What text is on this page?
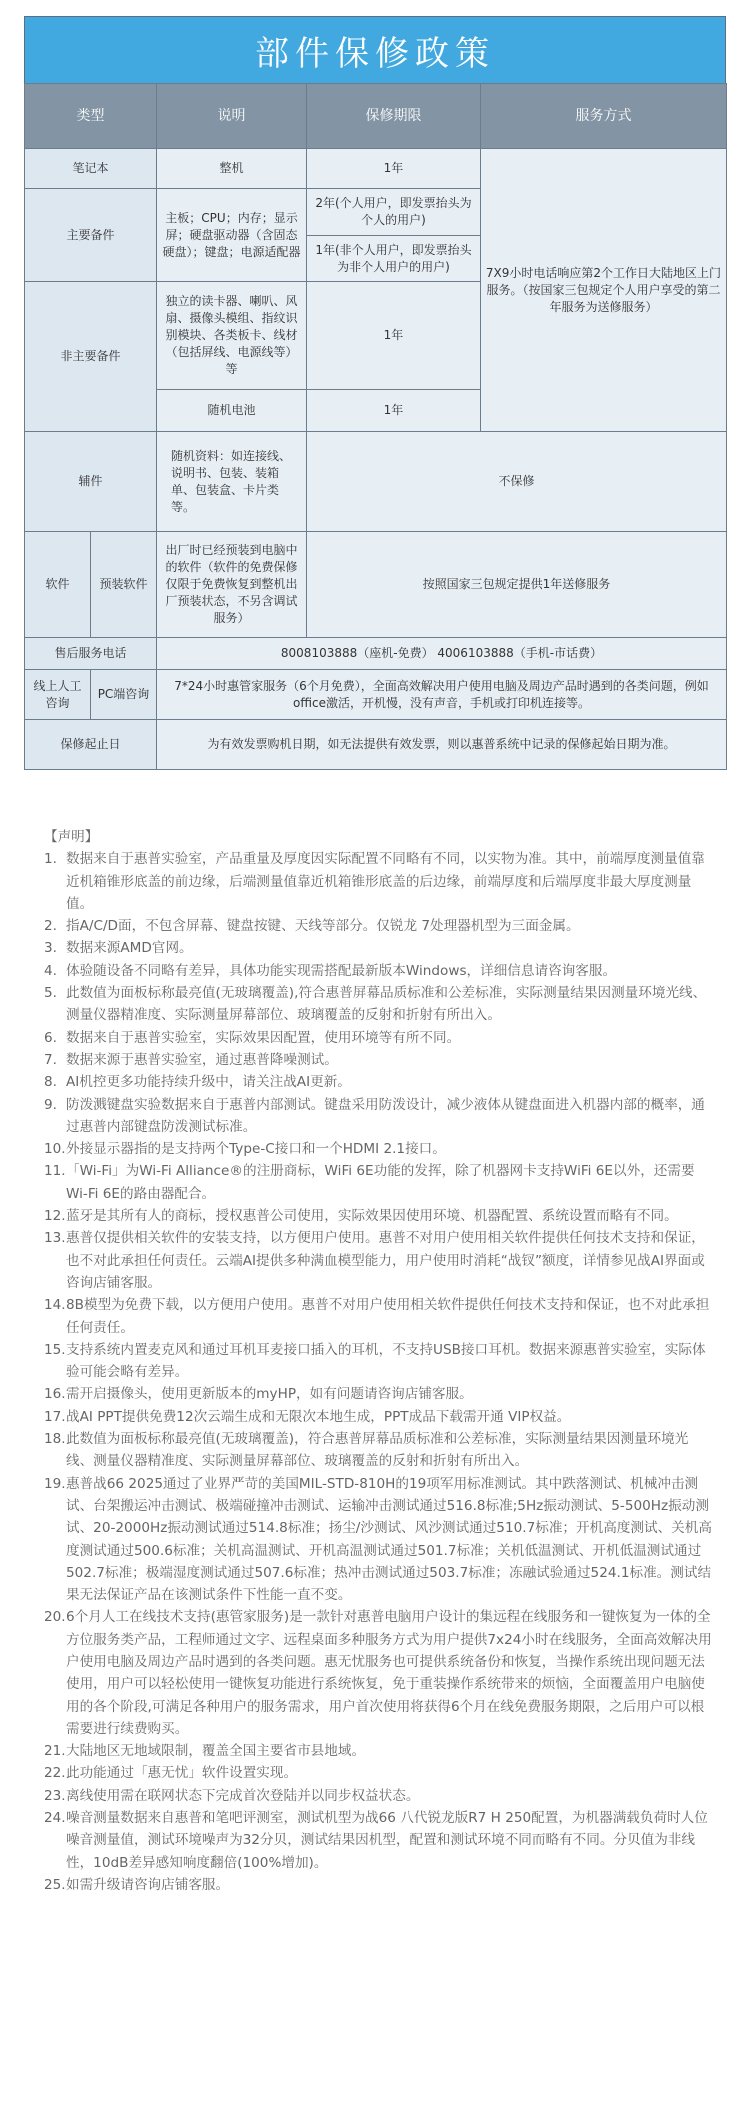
部件保修政策
类型		说明	保修期限	服务方式
笔记本		整机	1年	7X9小时电话响应第2个工作日大陆地区上门服务。（按国家三包规定个人用户享受的第二年服务为送修服务）
主要备件		主板；CPU；内存；显示屏；硬盘驱动器（含固态硬盘）；键盘；电源适配器	2年(个人用户，即发票抬头为个人的用户)	
			1年(非个人用户，即发票抬头为非个人用户的用户)	
非主要备件		独立的读卡器、喇叭、风扇、摄像头模组、指纹识别模块、各类板卡、线材（包括屏线、电源线等）等	1年	
		随机电池	1年	
辅件		随机资料：如连接线、说明书、包装、装箱单、包装盒、卡片类等。	不保修	
软件	预装软件	出厂时已经预装到电脑中的软件（软件的免费保修仅限于免费恢复到整机出厂预装状态，不另含调试服务）	按照国家三包规定提供1年送修服务	
售后服务电话		8008103888（座机-免费） 4006103888（手机-市话费）		
线上人工咨询	PC端咨询	7*24小时惠管家服务（6个月免费），全面高效解决用户使用电脑及周边产品时遇到的各类问题，例如office激活，开机慢，没有声音，手机或打印机连接等。		
保修起止日		为有效发票购机日期，如无法提供有效发票，则以惠普系统中记录的保修起始日期为准。		
【声明】
1. 数据来自于惠普实验室，产品重量及厚度因实际配置不同略有不同，以实物为准。其中，前端厚度测量值靠近机箱锥形底盖的前边缘，后端测量值靠近机箱锥形底盖的后边缘，前端厚度和后端厚度非最大厚度测量值。
2. 指A/C/D面，不包含屏幕、键盘按键、天线等部分。仅锐龙 7处理器机型为三面金属。
3. 数据来源AMD官网。
4. 体验随设备不同略有差异，具体功能实现需搭配最新版本Windows，详细信息请咨询客服。
5. 此数值为面板标称最亮值(无玻璃覆盖),符合惠普屏幕品质标准和公差标准，实际测量结果因测量环境光线、测量仪器精准度、实际测量屏幕部位、玻璃覆盖的反射和折射有所出入。
6. 数据来自于惠普实验室，实际效果因配置，使用环境等有所不同。
7. 数据来源于惠普实验室，通过惠普降噪测试。
8. AI机控更多功能持续升级中，请关注战AI更新。
9. 防泼溅键盘实验数据来自于惠普内部测试。键盘采用防泼设计，减少液体从键盘面进入机器内部的概率，通过惠普内部键盘防泼测试标准。
10. 外接显示器指的是支持两个Type-C接口和一个HDMI 2.1接口。
11. 「Wi-Fi」为Wi-Fi Alliance®的注册商标，WiFi 6E功能的发挥，除了机器网卡支持WiFi 6E以外，还需要Wi-Fi 6E的路由器配合。
12. 蓝牙是其所有人的商标，授权惠普公司使用，实际效果因使用环境、机器配置、系统设置而略有不同。
13. 惠普仅提供相关软件的安装支持，以方便用户使用。惠普不对用户使用相关软件提供任何技术支持和保证，也不对此承担任何责任。云端AI提供多种满血模型能力，用户使用时消耗“战钗”额度，详情参见战AI界面或咨询店铺客服。
14. 8B模型为免费下载，以方便用户使用。惠普不对用户使用相关软件提供任何技术支持和保证，也不对此承担任何责任。
15. 支持系统内置麦克风和通过耳机耳麦接口插入的耳机，不支持USB接口耳机。数据来源惠普实验室，实际体验可能会略有差异。
16. 需开启摄像头，使用更新版本的myHP，如有问题请咨询店铺客服。
17. 战AI PPT提供免费12次云端生成和无限次本地生成，PPT成品下载需开通 VIP权益。
18. 此数值为面板标称最亮值(无玻璃覆盖)，符合惠普屏幕品质标准和公差标准，实际测量结果因测量环境光线、测量仪器精准度、实际测量屏幕部位、玻璃覆盖的反射和折射有所出入。
19. 惠普战66 2025通过了业界严苛的美国MIL-STD-810H的19项军用标准测试。其中跌落测试、机械冲击测试、台架搬运冲击测试、极端碰撞冲击测试、运输冲击测试通过516.8标准;5Hz振动测试、5-500Hz振动测试、20-2000Hz振动测试通过514.8标准；扬尘/沙测试、风沙测试通过510.7标准；开机高度测试、关机高度测试通过500.6标准；关机高温测试、开机高温测试通过501.7标准；关机低温测试、开机低温测试通过502.7标准；极端湿度测试通过507.6标准；热冲击测试通过503.7标准；冻融试验通过524.1标准。测试结果无法保证产品在该测试条件下性能一直不变。
20. 6个月人工在线技术支持(惠管家服务)是一款针对惠普电脑用户设计的集远程在线服务和一键恢复为一体的全方位服务类产品，工程师通过文字、远程桌面多种服务方式为用户提供7x24小时在线服务，全面高效解决用户使用电脑及周边产品时遇到的各类问题。惠无忧服务也可提供系统备份和恢复，当操作系统出现问题无法使用，用户可以轻松使用一键恢复功能进行系统恢复，免于重装操作系统带来的烦恼，全面覆盖用户电脑使用的各个阶段,可满足各种用户的服务需求，用户首次使用将获得6个月在线免费服务期限，之后用户可以根需要进行续费购买。
21. 大陆地区无地域限制，覆盖全国主要省市县地域。
22. 此功能通过「惠无忧」软件设置实现。
23. 离线使用需在联网状态下完成首次登陆并以同步权益状态。
24. 噪音测量数据来自惠普和笔吧评测室，测试机型为战66 八代锐龙版R7 H 250配置，为机器满载负荷时人位噪音测量值，测试环境噪声为32分贝，测试结果因机型，配置和测试环境不同而略有不同。分贝值为非线性，10dB差异感知响度翻倍(100%增加)。
25. 如需升级请咨询店铺客服。
